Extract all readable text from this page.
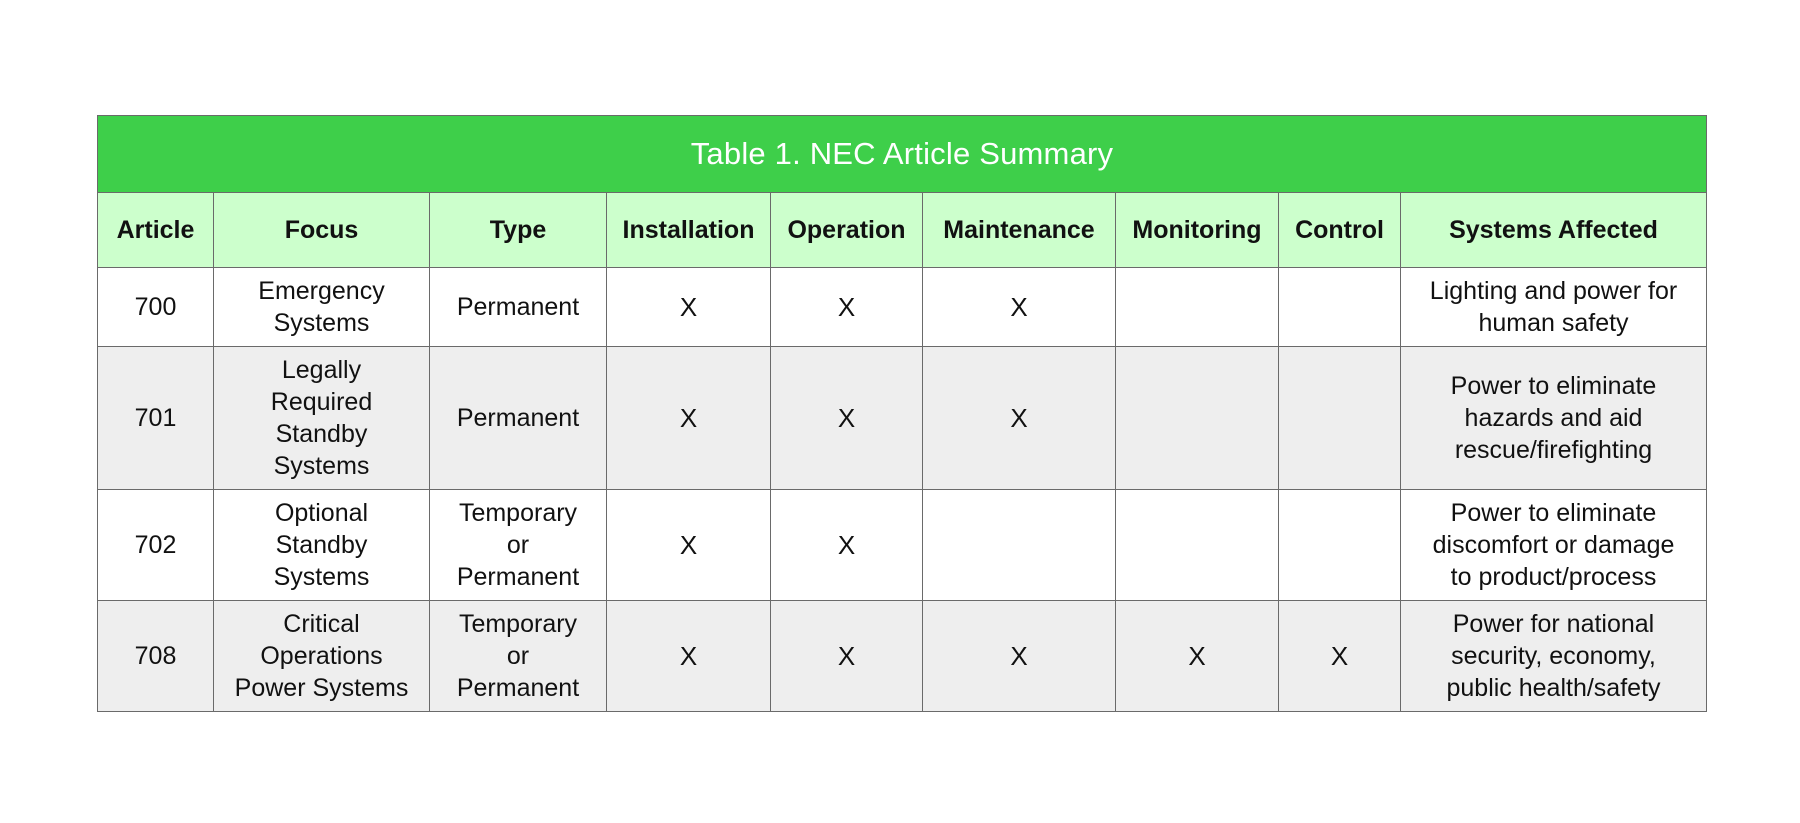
Table 1. NEC Article Summary								
Article	Focus	Type	Installation	Operation	Maintenance	Monitoring	Control	Systems Affected
700	Emergency
Systems	Permanent	X	X	X			Lighting and power for
human safety
701	Legally
Required
Standby
Systems	Permanent	X	X	X			Power to eliminate
hazards and aid
rescue/firefighting
702	Optional
Standby
Systems	Temporary
or
Permanent	X	X				Power to eliminate
discomfort or damage
to product/process
708	Critical
Operations
Power Systems	Temporary
or
Permanent	X	X	X	X	X	Power for national
security, economy,
public health/safety
